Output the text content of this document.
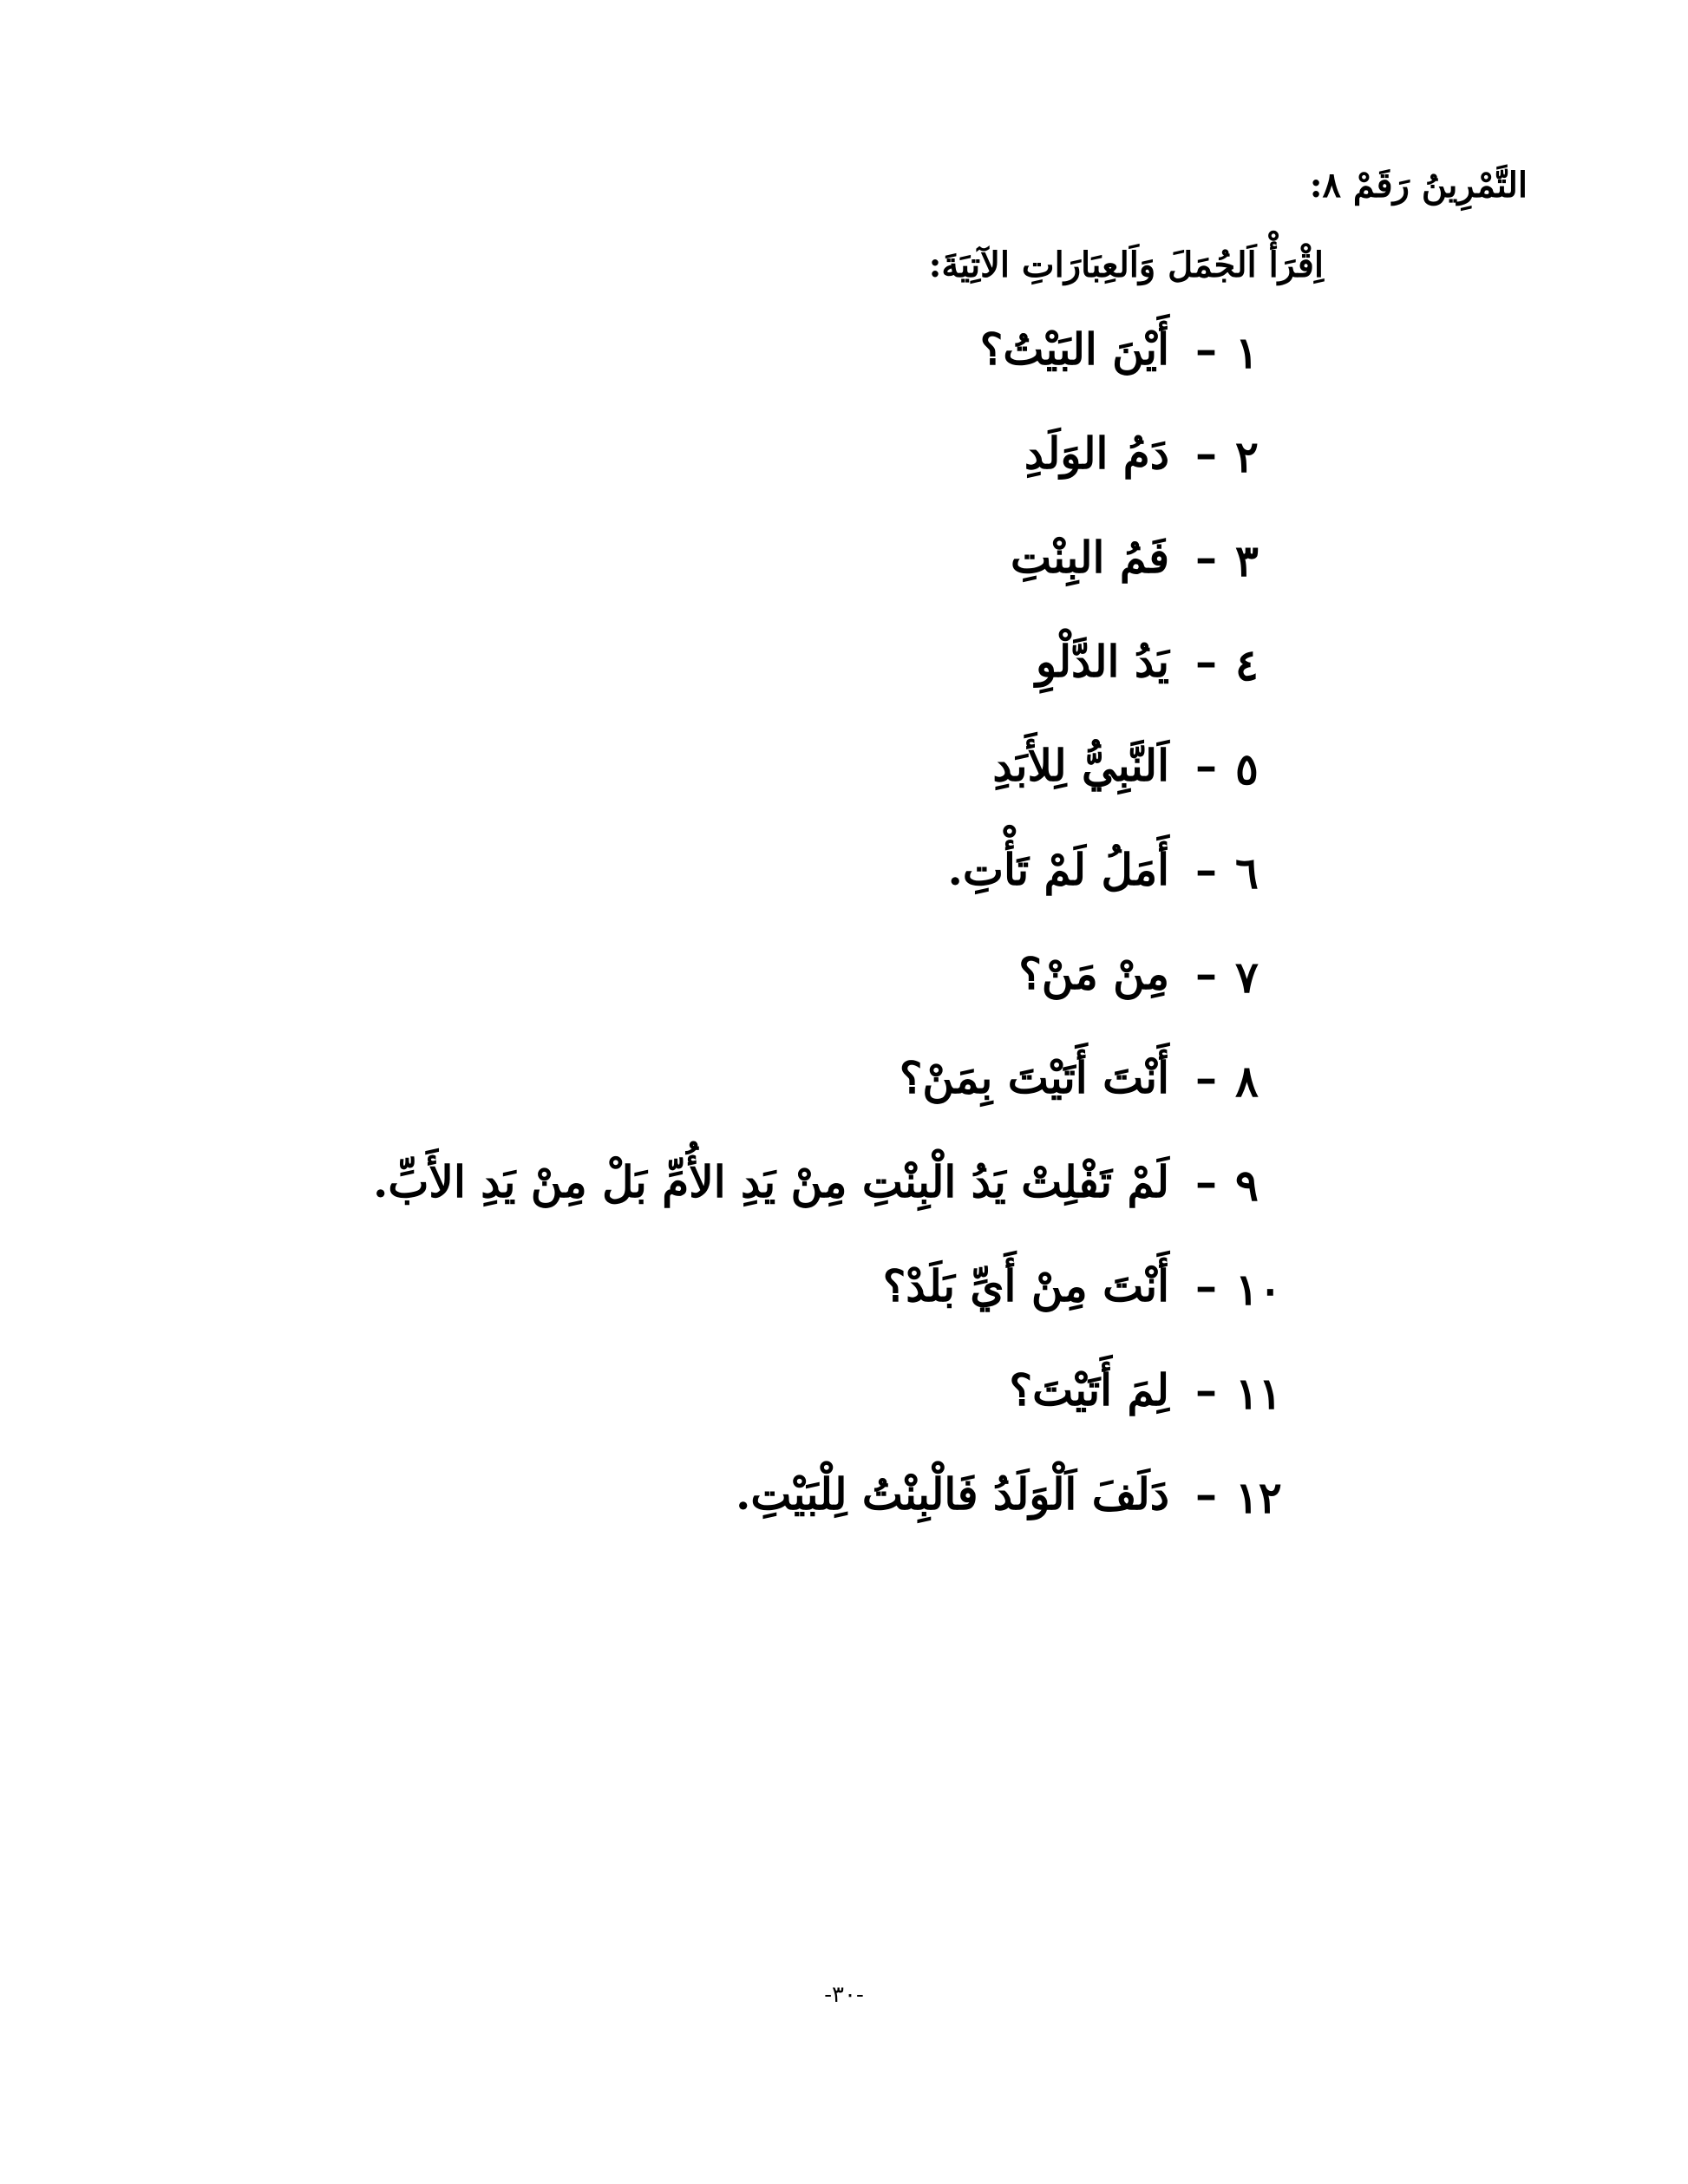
التَّمْرِينُ رَقَمْ ٨:
اِقْرَأْ اَلجُمَلَ وَاَلعِبَارَاتِ الآتِيَةَ:
١
–
أَيْنَ البَيْتُ؟
٢
–
دَمُ الوَلَدِ
٣
–
فَمُ البِنْتِ
٤
–
يَدُ الدَّلْوِ
٥
–
اَلنَّبِيُّ لِلأَبَدِ
٦
–
أَمَلُ لَمْ تَأْتِ.
٧
–
مِنْ مَنْ؟
٨
–
أَنْتَ أَتَيْتَ بِمَنْ؟
٩
–
لَمْ تَفْلِتْ يَدُ الْبِنْتِ مِنْ يَدِ الأُمِّ بَلْ مِنْ يَدِ الأَبِّ.
١٠
–
أَنْتَ مِنْ أَيِّ بَلَدْ؟
١١
–
لِمَ أَتَيْتَ؟
١٢
–
دَلَفَ اَلْوَلَدُ فَالْبِنْتُ لِلْبَيْتِ.
-٣٠-
